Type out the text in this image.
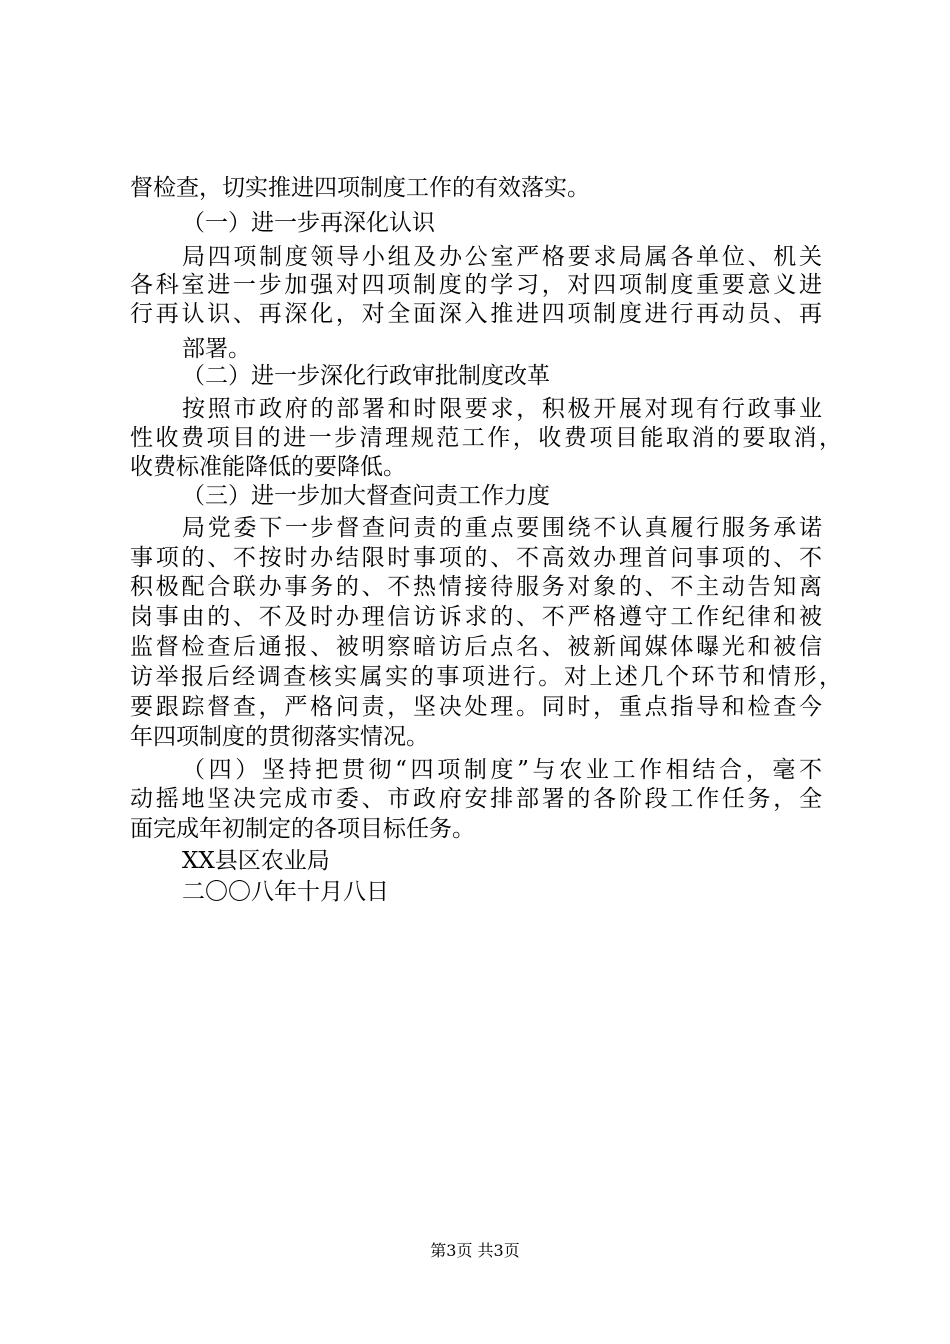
督检查，切实推进四项制度工作的有效落实。
（一）进一步再深化认识
局四项制度领导小组及办公室严格要求局属各单位、机关
各科室进一步加强对四项制度的学习，对四项制度重要意义进
行再认识、再深化，对全面深入推进四项制度进行再动员、再
部署。
（二）进一步深化行政审批制度改革
按照市政府的部署和时限要求，积极开展对现有行政事业
性收费项目的进一步清理规范工作，收费项目能取消的要取消，
收费标准能降低的要降低。
（三）进一步加大督查问责工作力度
局党委下一步督查问责的重点要围绕不认真履行服务承诺
事项的、不按时办结限时事项的、不高效办理首问事项的、不
积极配合联办事务的、不热情接待服务对象的、不主动告知离
岗事由的、不及时办理信访诉求的、不严格遵守工作纪律和被
监督检查后通报、被明察暗访后点名、被新闻媒体曝光和被信
访举报后经调查核实属实的事项进行。对上述几个环节和情形，
要跟踪督查，严格问责，坚决处理。同时，重点指导和检查今
年四项制度的贯彻落实情况。
（四）坚持把贯彻“四项制度”与农业工作相结合，毫不
动摇地坚决完成市委、市政府安排部署的各阶段工作任务，全
面完成年初制定的各项目标任务。
XX县区农业局
二〇〇八年十月八日
第3页 共3页
